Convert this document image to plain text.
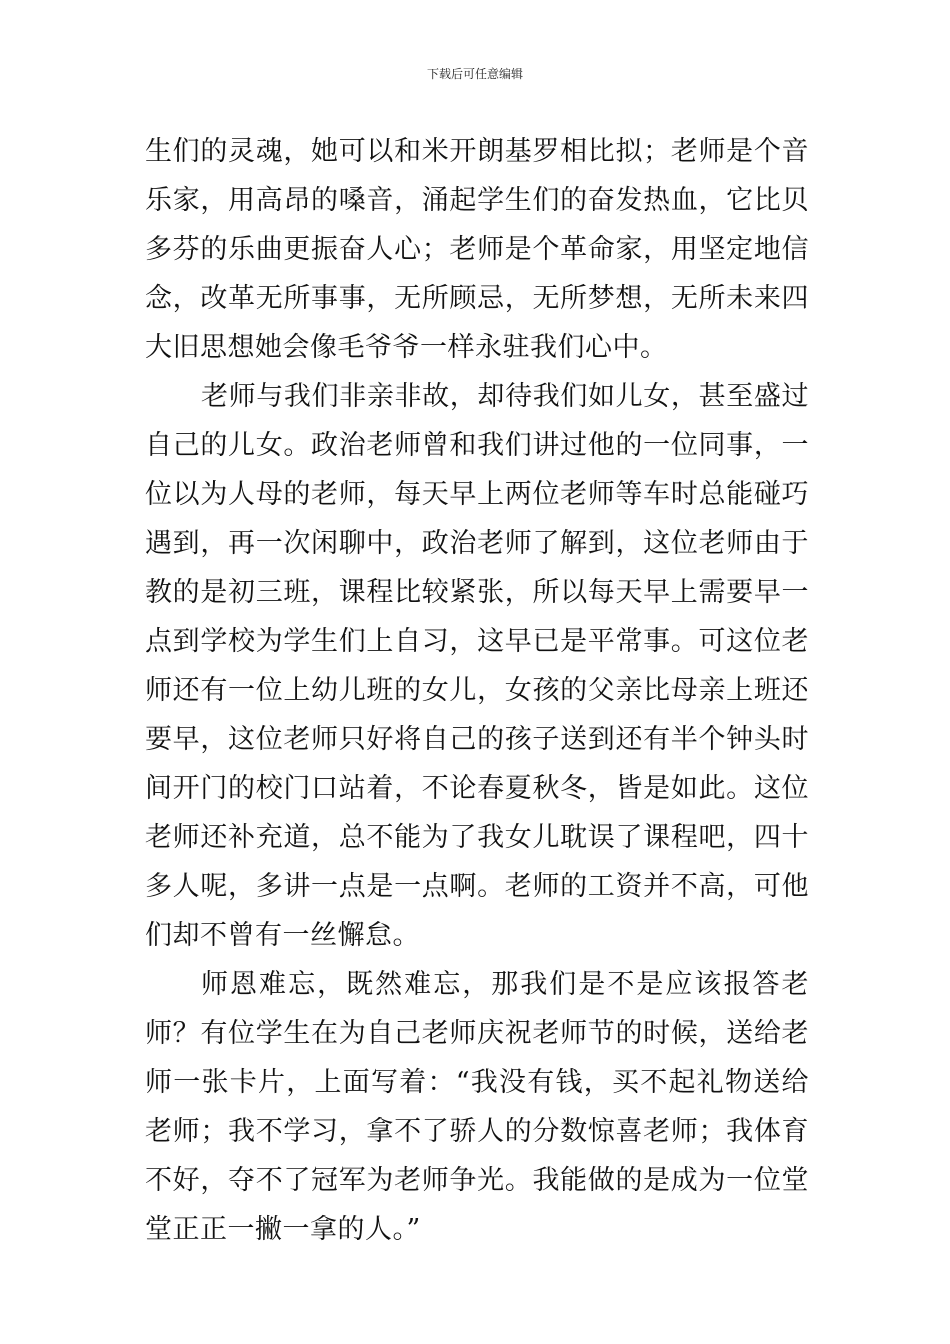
下载后可任意编辑

生们的灵魂，她可以和米开朗基罗相比拟；老师是个音乐家，用高昂的嗓音，涌起学生们的奋发热血，它比贝多芬的乐曲更振奋人心；老师是个革命家，用坚定地信念，改革无所事事，无所顾忌，无所梦想，无所未来四大旧思想她会像毛爷爷一样永驻我们心中。

老师与我们非亲非故，却待我们如儿女，甚至盛过自己的儿女。政治老师曾和我们讲过他的一位同事，一位以为人母的老师，每天早上两位老师等车时总能碰巧遇到，再一次闲聊中，政治老师了解到，这位老师由于教的是初三班，课程比较紧张，所以每天早上需要早一点到学校为学生们上自习，这早已是平常事。可这位老师还有一位上幼儿班的女儿，女孩的父亲比母亲上班还要早，这位老师只好将自己的孩子送到还有半个钟头时间开门的校门口站着，不论春夏秋冬，皆是如此。这位老师还补充道，总不能为了我女儿耽误了课程吧，四十多人呢，多讲一点是一点啊。老师的工资并不高，可他们却不曾有一丝懈怠。

师恩难忘，既然难忘，那我们是不是应该报答老师？有位学生在为自己老师庆祝老师节的时候，送给老师一张卡片，上面写着：“我没有钱，买不起礼物送给老师；我不学习，拿不了骄人的分数惊喜老师；我体育不好，夺不了冠军为老师争光。我能做的是成为一位堂堂正正一撇一拿的人。”
